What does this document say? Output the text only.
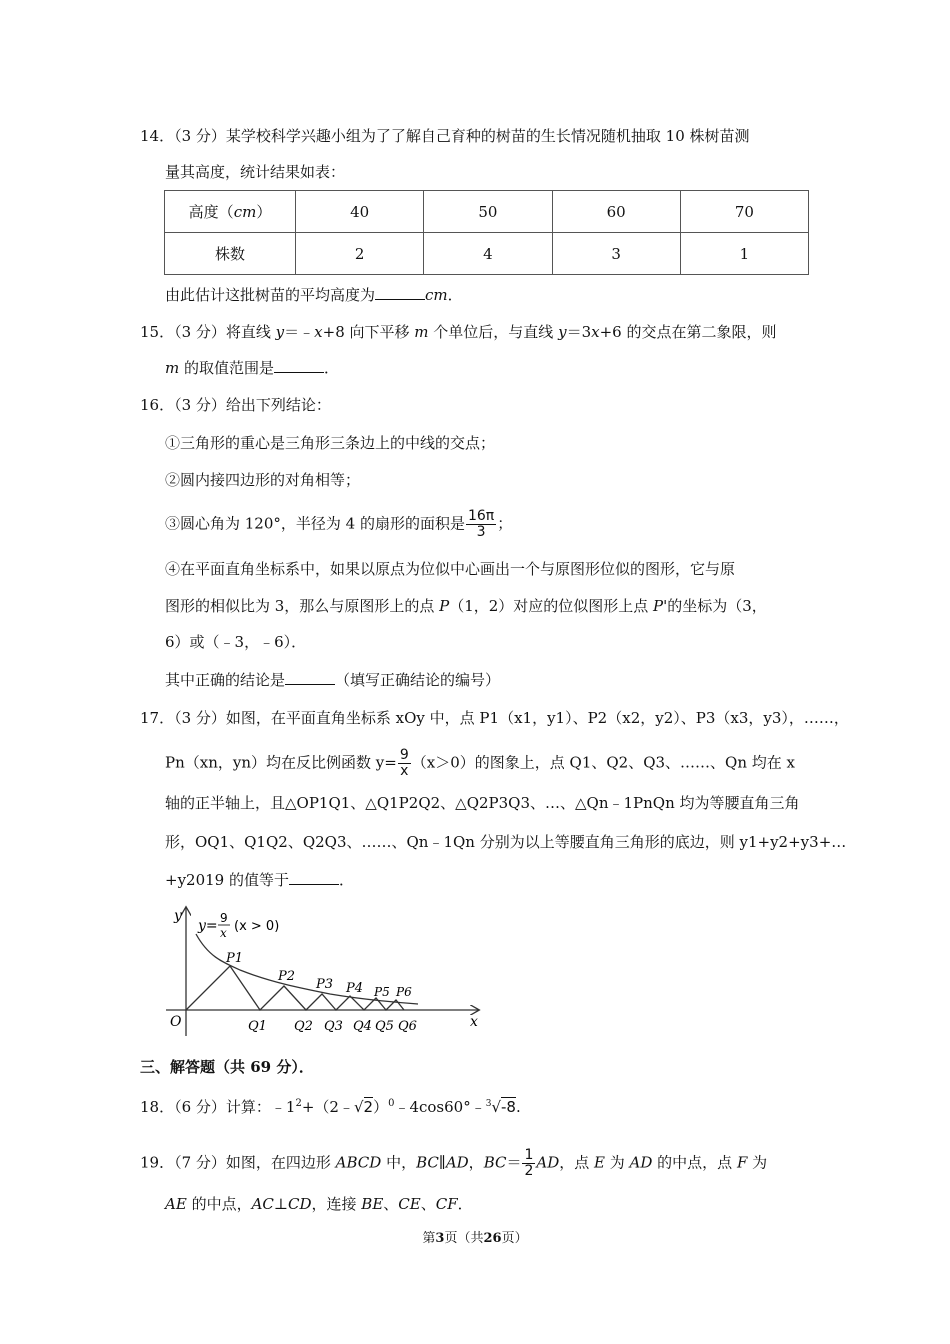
14．（3 分）某学校科学兴趣小组为了了解自己育种的树苗的生长情况随机抽取 10 株树苗测
量其高度，统计结果如表：
高度（cm）	40	50	60	70
株数	2	4	3	1
由此估计这批树苗的平均高度为	cm．
15．（3 分）将直线 y＝﹣x+8 向下平移 m 个单位后，与直线 y＝3x+6 的交点在第二象限，则
m 的取值范围是	．
16．（3 分）给出下列结论：
①三角形的重心是三角形三条边上的中线的交点；
②圆内接四边形的对角相等；
③圆心角为 120°，半径为 4 的扇形的面积是 $\frac{16\pi}{3}$ ；
④在平面直角坐标系中，如果以原点为位似中心画出一个与原图形位似的图形，它与原
图形的相似比为 3，那么与原图形上的点 P（1，2）对应的位似图形上点 P'的坐标为（3，
6）或（﹣3，﹣6）．
其中正确的结论是	（填写正确结论的编号）
17．（3 分）如图，在平面直角坐标系 xOy 中，点 P1（x1，y1）、P2（x2，y2）、P3（x3，y3），……，
Pn（xn，yn）均在反比例函数 $y= \frac{9}{x} (x>0)$的图象上，点 Q1、Q2、Q3、……、Qn 均在 x
轴的正半轴上，且△OP1Q1、△Q1P2Q2、△Q2P3Q3、…、△Qn﹣1PnQn 均为等腰直角三角
形，OQ1、Q1Q2、Q2Q3、……、Qn﹣1Qn 分别为以上等腰直角三角形的底边，则 y1+y2+y3+…
+y2019 的值等于	．
y
y= 9
x (x > 0)
O	x
P1
P2
P3 P4 P5 P6
Q1 Q2 Q3 Q4 Q5 Q6
三、解答题（共 69 分）．
18．（6 分）计算：$﹣1^2+(2﹣√2)^0﹣4\cos 60^\circ﹣^3√-8$.
19．（7 分）如图，在四边形 ABCD 中，BC∥AD，$BC= \frac{1}{2}$ AD，点 E 为 AD 的中点，点 F 为
AE 的中点，AC⊥CD，连接 BE、CE、CF．
第3页（共26页）
